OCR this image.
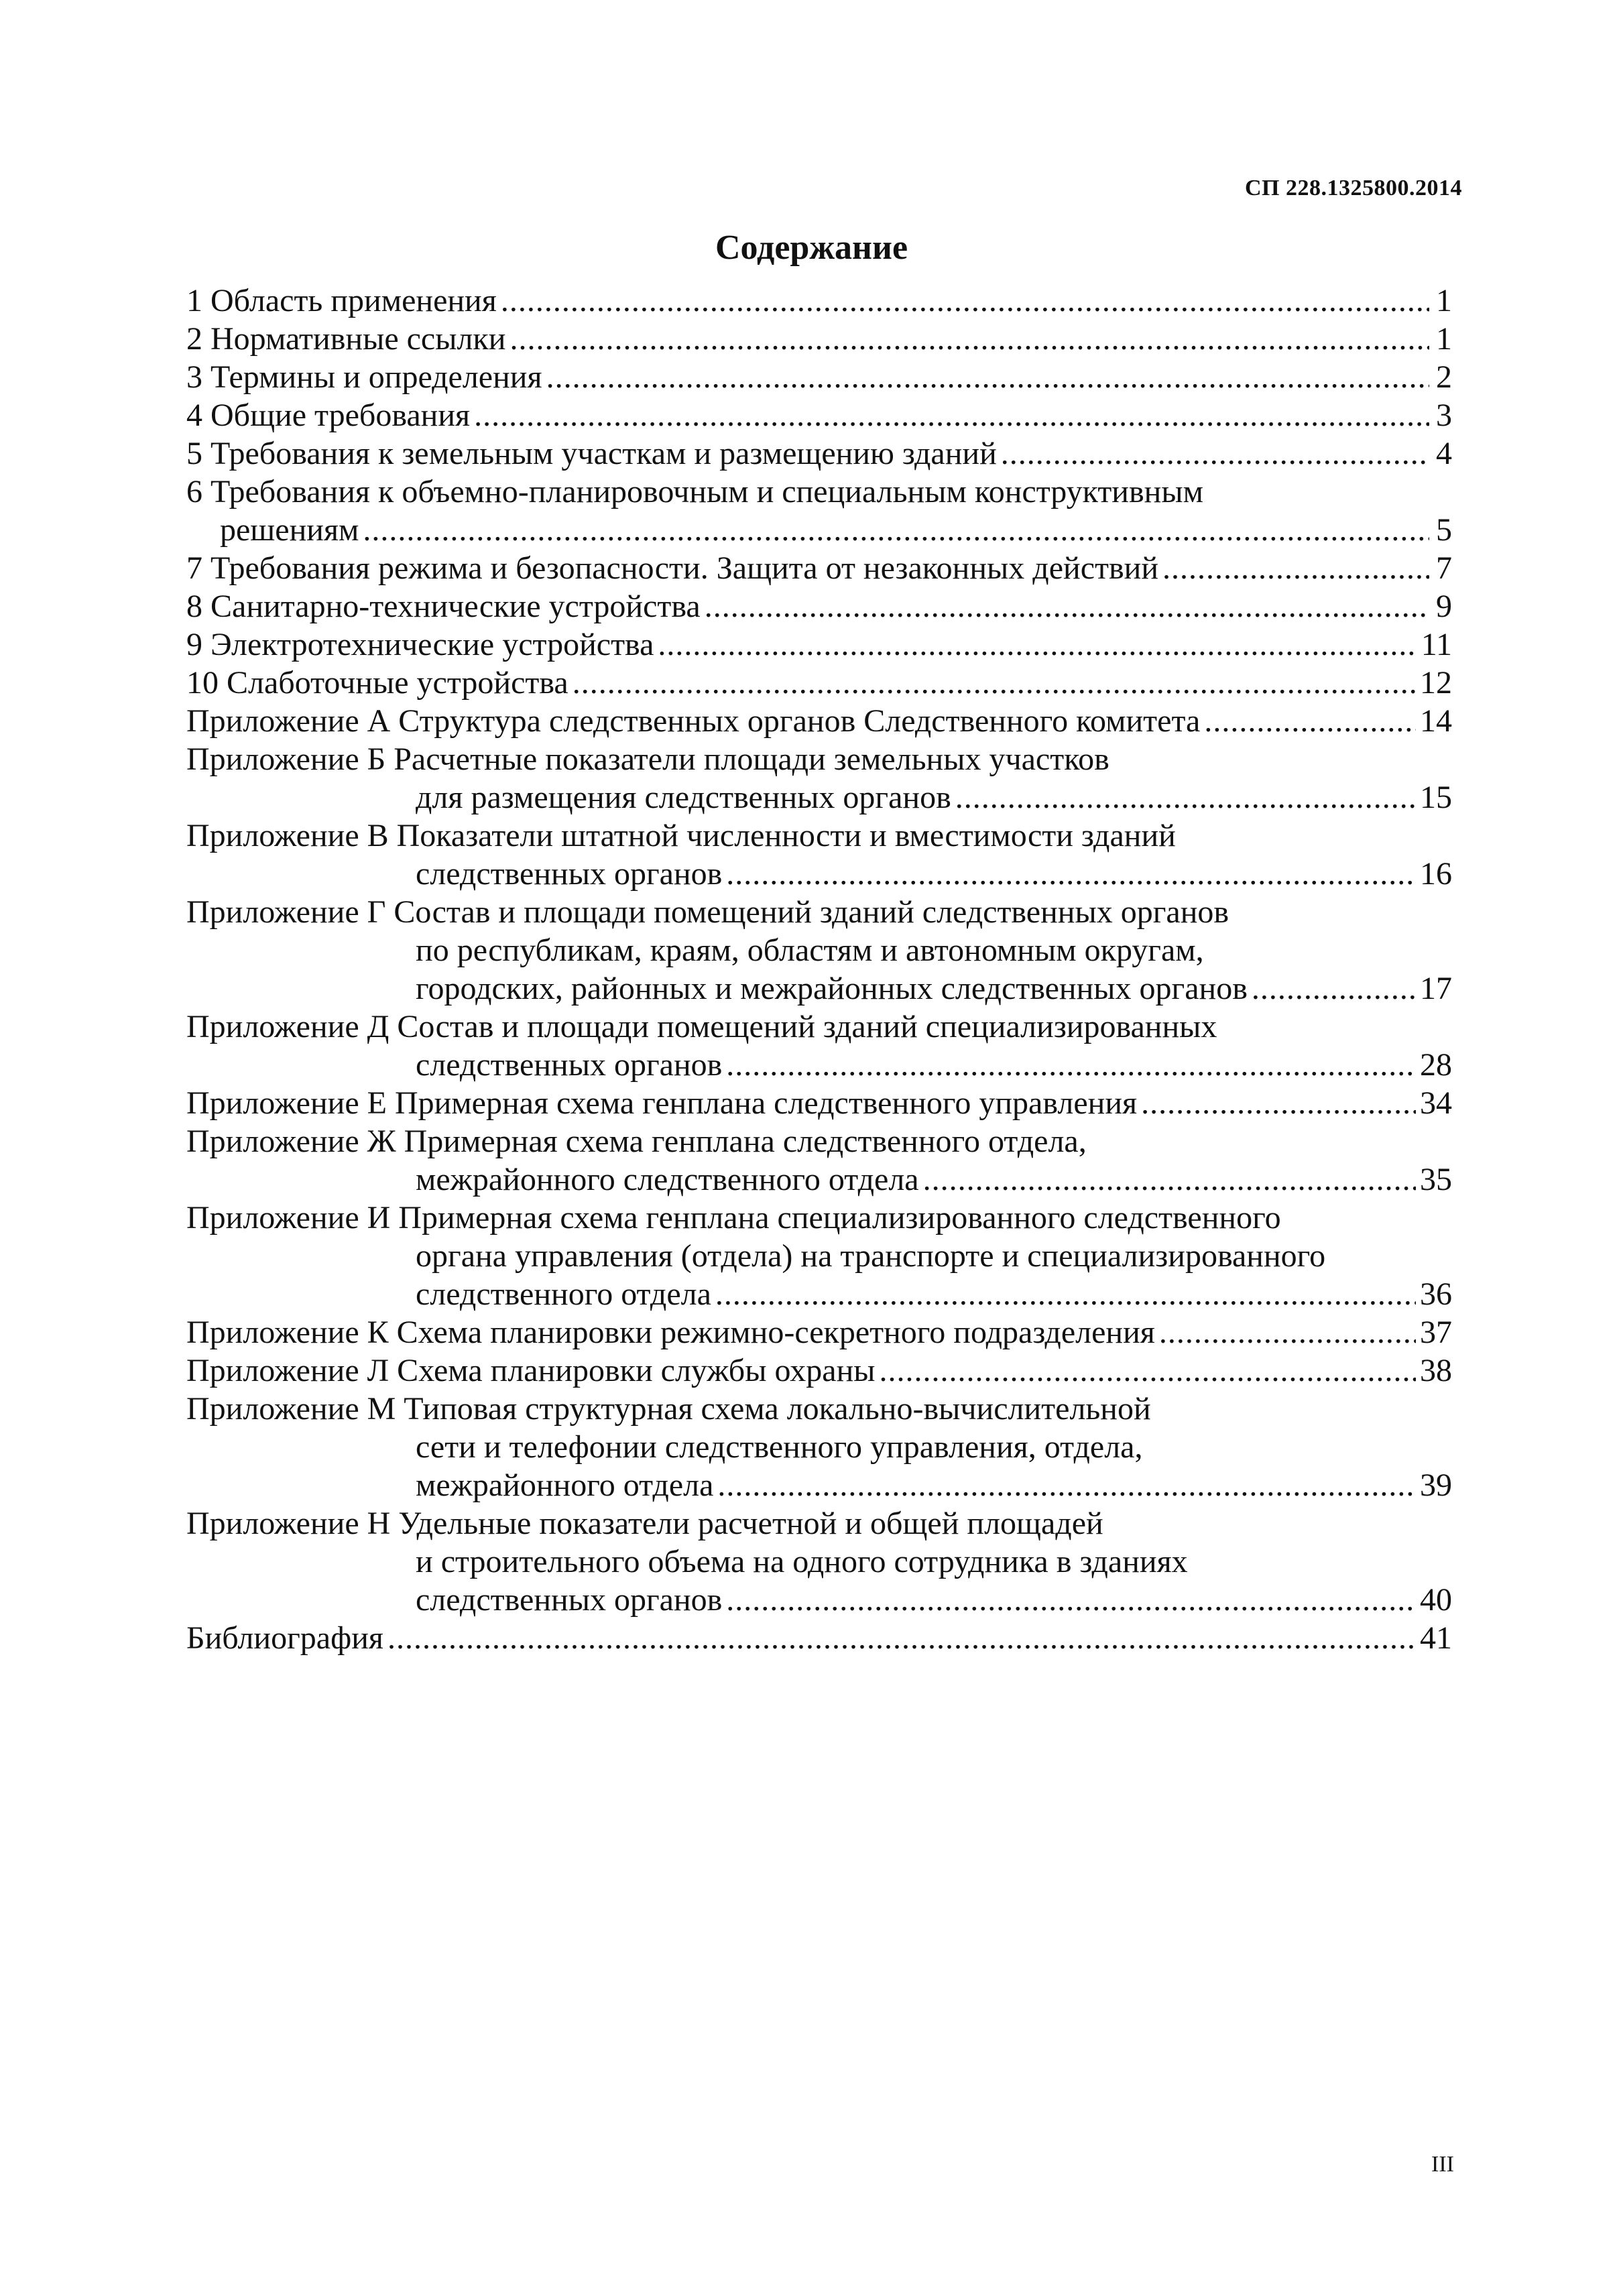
СП 228.1325800.2014
Содержание
1 Область применения .....	1
2 Нормативные ссылки .....	1
3 Термины и определения .....	2
4 Общие требования .....	3
5 Требования к земельным участкам и размещению зданий .....	4
6 Требования к объемно-планировочным и специальным конструктивным
решениям .....	5
7 Требования режима и безопасности. Защита от незаконных действий .....	7
8 Санитарно-технические устройства .....	9
9 Электротехнические устройства .....	11
10 Слаботочные устройства .....	12
Приложение А Структура следственных органов Следственного комитета .....	14
Приложение Б Расчетные показатели площади земельных участков
для размещения следственных органов .....	15
Приложение В Показатели штатной численности и вместимости зданий
следственных органов .....	16
Приложение Г Состав и площади помещений зданий следственных органов
по республикам, краям, областям и автономным округам,
городских, районных и межрайонных следственных органов .....	17
Приложение Д Состав и площади помещений зданий специализированных
следственных органов .....	28
Приложение Е Примерная схема генплана следственного управления .....	34
Приложение Ж Примерная схема генплана следственного отдела,
межрайонного следственного отдела .....	35
Приложение И Примерная схема генплана специализированного следственного
органа управления (отдела) на транспорте и специализированного
следственного отдела .....	36
Приложение К Схема планировки режимно-секретного подразделения .....	37
Приложение Л Схема планировки службы охраны .....	38
Приложение М Типовая структурная схема локально-вычислительной
сети и телефонии следственного управления, отдела,
межрайонного отдела .....	39
Приложение Н Удельные показатели расчетной и общей площадей
и строительного объема на одного сотрудника в зданиях
следственных органов .....	40
Библиография .....	41
III
